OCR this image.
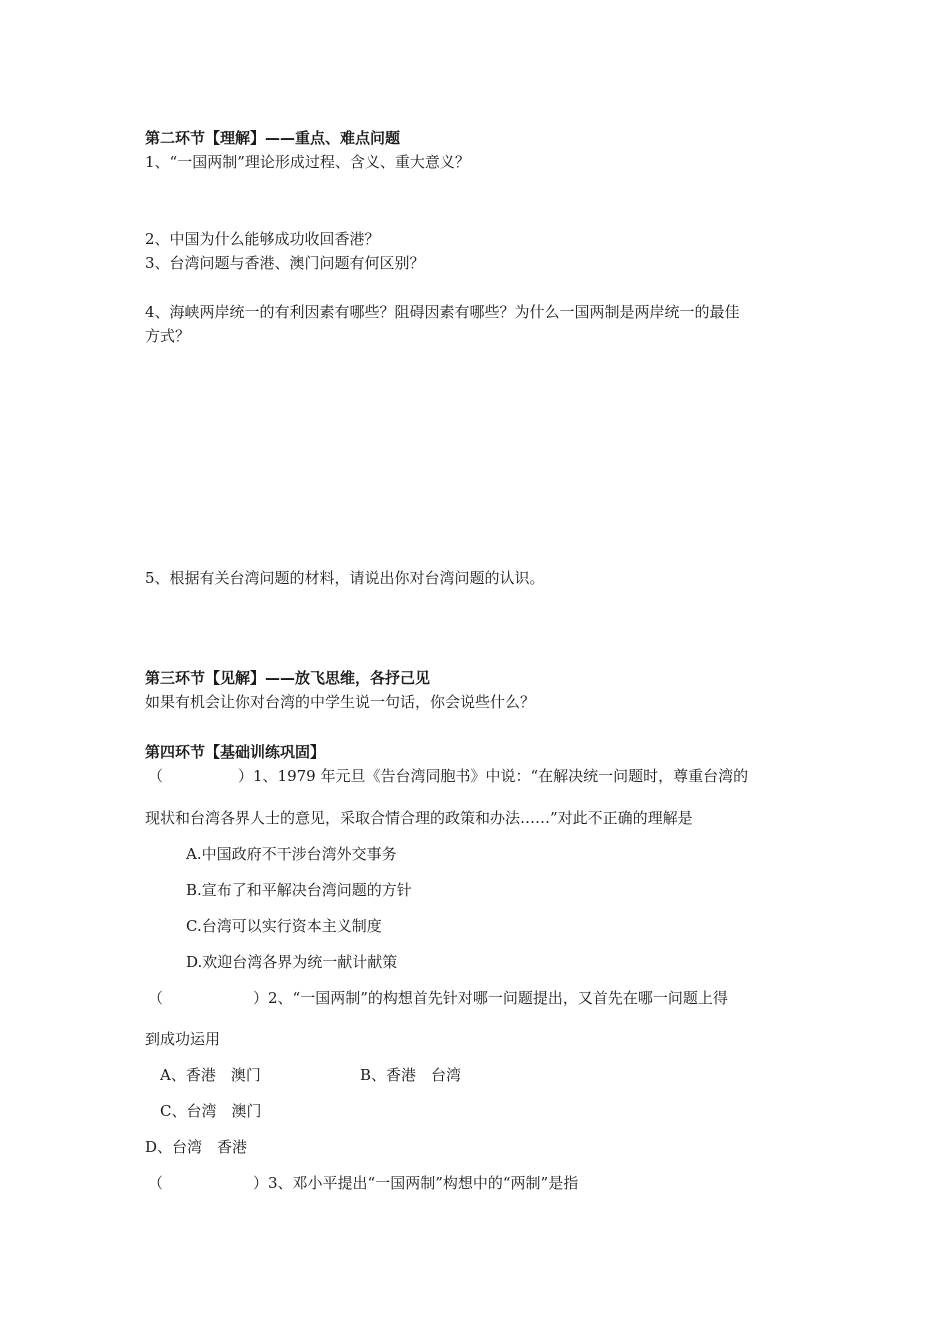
第二环节【理解】——重点、难点问题
1、“一国两制”理论形成过程、含义、重大意义？
2、中国为什么能够成功收回香港？
3、台湾问题与香港、澳门问题有何区别？
4、海峡两岸统一的有利因素有哪些？阻碍因素有哪些？为什么一国两制是两岸统一的最佳
方式？
5、根据有关台湾问题的材料，请说出你对台湾问题的认识。
第三环节【见解】——放飞思维，各抒己见
如果有机会让你对台湾的中学生说一句话，你会说些什么？
第四环节【基础训练巩固】
（　　　　　）1、1979 年元旦《告台湾同胞书》中说：“在解决统一问题时，尊重台湾的
现状和台湾各界人士的意见，采取合情合理的政策和办法……”对此不正确的理解是
A.中国政府不干涉台湾外交事务
B.宣布了和平解决台湾问题的方针
C.台湾可以实行资本主义制度
D.欢迎台湾各界为统一献计献策
（　　　　　　）2、“一国两制”的构想首先针对哪一问题提出，又首先在哪一问题上得
到成功运用
A、香港　澳门	B、香港　台湾
C、台湾　澳门
D、台湾　香港
（　　　　　　）3、邓小平提出“一国两制”构想中的“两制”是指
